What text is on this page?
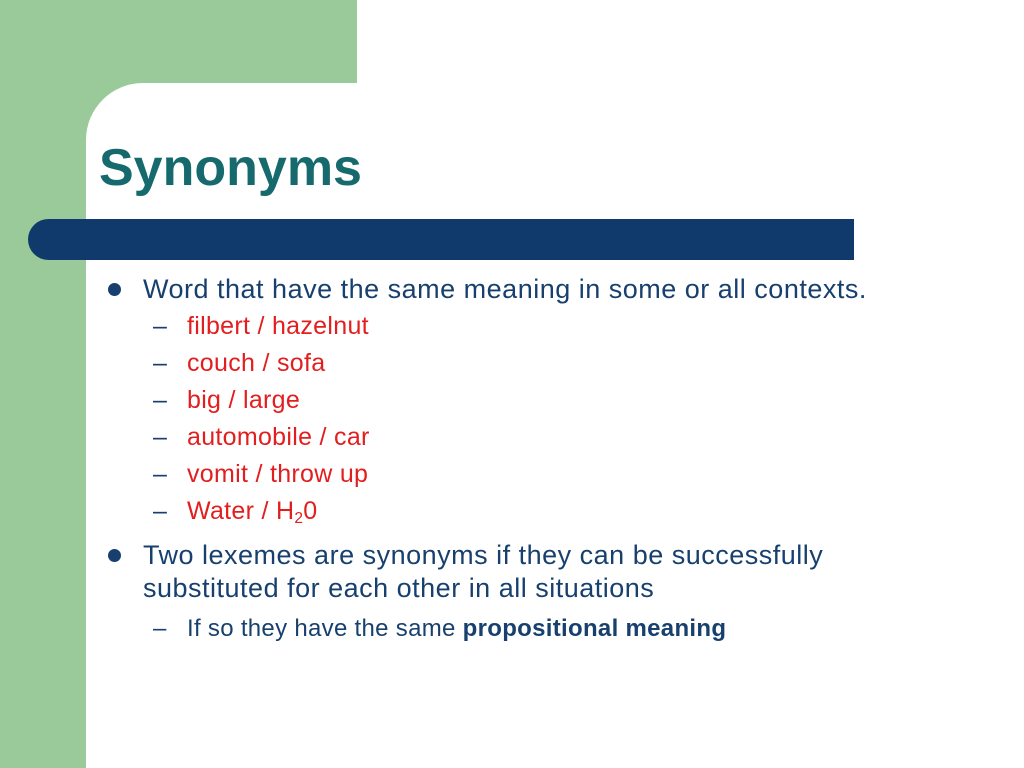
Synonyms
Word that have the same meaning in some or all contexts.
– filbert / hazelnut
– couch / sofa
– big / large
– automobile / car
– vomit / throw up
– Water / $H_20$
Two lexemes are synonyms if they can be successfully substituted for each other in all situations
– If so they have the same propositional meaning
